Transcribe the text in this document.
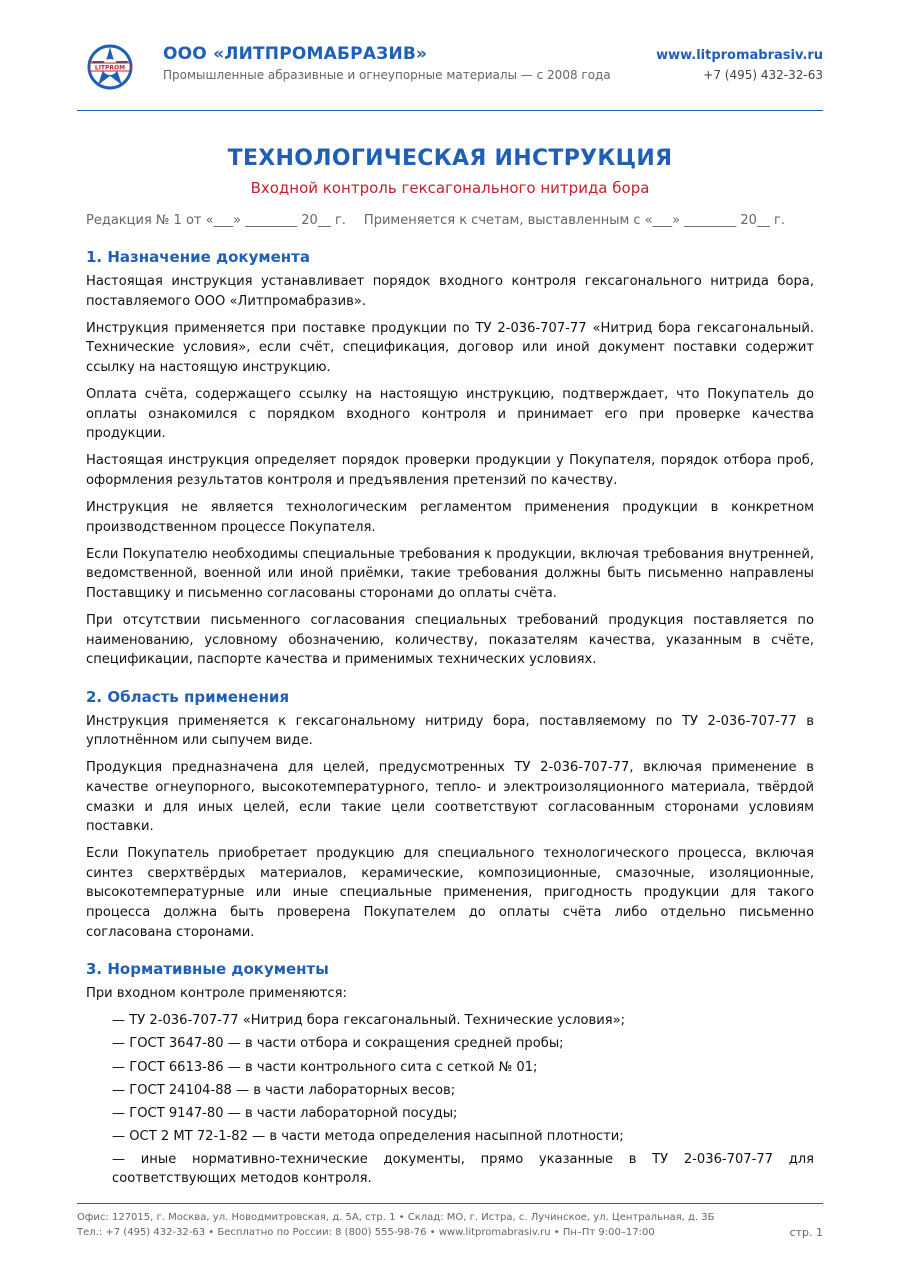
LITPROM
ООО «ЛИТПРОМАБРАЗИВ»
Промышленные абразивные и огнеупорные материалы — с 2008 года
www.litpromabrasiv.ru
+7 (495) 432-32-63
ТЕХНОЛОГИЧЕСКАЯ ИНСТРУКЦИЯ
Входной контроль гексагонального нитрида бора
Редакция № 1 от «___» ________ 20__ г. Применяется к счетам, выставленным с «___» ________ 20__ г.
1. Назначение документа
Настоящая инструкция устанавливает порядок входного контроля гексагонального нитрида бора, поставляемого ООО «Литпромабразив».
Инструкция применяется при поставке продукции по ТУ 2-036-707-77 «Нитрид бора гексагональный. Технические условия», если счёт, спецификация, договор или иной документ поставки содержит ссылку на настоящую инструкцию.
Оплата счёта, содержащего ссылку на настоящую инструкцию, подтверждает, что Покупатель до оплаты ознакомился с порядком входного контроля и принимает его при проверке качества продукции.
Настоящая инструкция определяет порядок проверки продукции у Покупателя, порядок отбора проб, оформления результатов контроля и предъявления претензий по качеству.
Инструкция не является технологическим регламентом применения продукции в конкретном производственном процессе Покупателя.
Если Покупателю необходимы специальные требования к продукции, включая требования внутренней, ведомственной, военной или иной приёмки, такие требования должны быть письменно направлены Поставщику и письменно согласованы сторонами до оплаты счёта.
При отсутствии письменного согласования специальных требований продукция поставляется по наименованию, условному обозначению, количеству, показателям качества, указанным в счёте, спецификации, паспорте качества и применимых технических условиях.
2. Область применения
Инструкция применяется к гексагональному нитриду бора, поставляемому по ТУ 2-036-707-77 в уплотнённом или сыпучем виде.
Продукция предназначена для целей, предусмотренных ТУ 2-036-707-77, включая применение в качестве огнеупорного, высокотемпературного, тепло- и электроизоляционного материала, твёрдой смазки и для иных целей, если такие цели соответствуют согласованным сторонами условиям поставки.
Если Покупатель приобретает продукцию для специального технологического процесса, включая синтез сверхтвёрдых материалов, керамические, композиционные, смазочные, изоляционные, высокотемпературные или иные специальные применения, пригодность продукции для такого процесса должна быть проверена Покупателем до оплаты счёта либо отдельно письменно согласована сторонами.
3. Нормативные документы
При входном контроле применяются:
— ТУ 2-036-707-77 «Нитрид бора гексагональный. Технические условия»;
— ГОСТ 3647-80 — в части отбора и сокращения средней пробы;
— ГОСТ 6613-86 — в части контрольного сита с сеткой № 01;
— ГОСТ 24104-88 — в части лабораторных весов;
— ГОСТ 9147-80 — в части лабораторной посуды;
— ОСТ 2 МТ 72-1-82 — в части метода определения насыпной плотности;
— иные нормативно-технические документы, прямо указанные в ТУ 2-036-707-77 для соответствующих методов контроля.
Офис: 127015, г. Москва, ул. Новодмитровская, д. 5А, стр. 1 • Склад: МО, г. Истра, с. Лучинское, ул. Центральная, д. 3Б
Тел.: +7 (495) 432-32-63 • Бесплатно по России: 8 (800) 555-98-76 • www.litpromabrasiv.ru • Пн–Пт 9:00–17:00	стр. 1
